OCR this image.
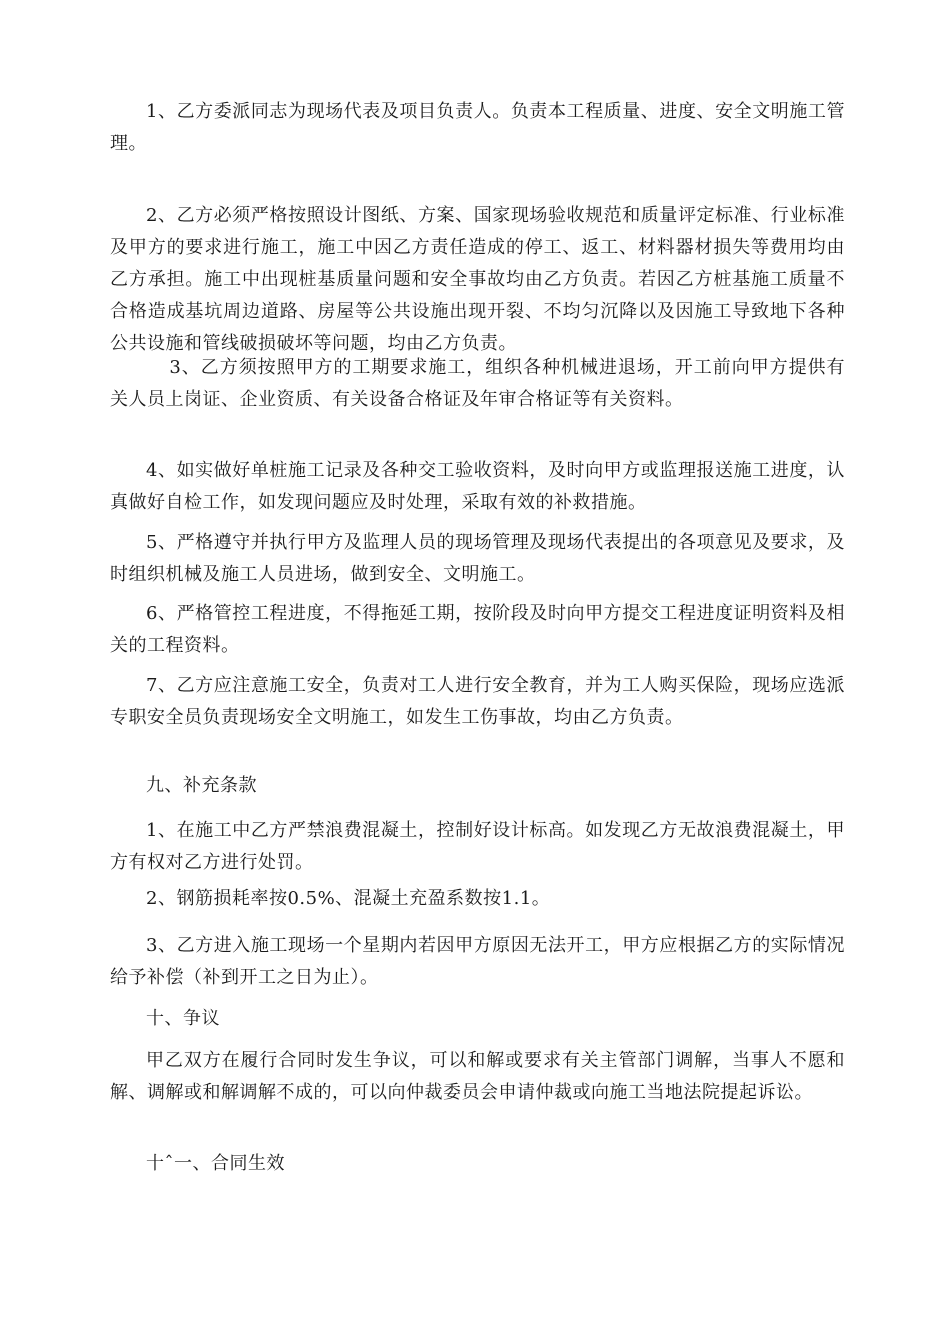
1、乙方委派同志为现场代表及项目负责人。负责本工程质量、进度、安全文明施工管理。

2、乙方必须严格按照设计图纸、方案、国家现场验收规范和质量评定标准、行业标准及甲方的要求进行施工，施工中因乙方责任造成的停工、返工、材料器材损失等费用均由乙方承担。施工中出现桩基质量问题和安全事故均由乙方负责。若因乙方桩基施工质量不合格造成基坑周边道路、房屋等公共设施出现开裂、不均匀沉降以及因施工导致地下各种公共设施和管线破损破坏等问题，均由乙方负责。

3、乙方须按照甲方的工期要求施工，组织各种机械进退场，开工前向甲方提供有关人员上岗证、企业资质、有关设备合格证及年审合格证等有关资料。

4、如实做好单桩施工记录及各种交工验收资料，及时向甲方或监理报送施工进度，认真做好自检工作，如发现问题应及时处理，采取有效的补救措施。

5、严格遵守并执行甲方及监理人员的现场管理及现场代表提出的各项意见及要求，及时组织机械及施工人员进场，做到安全、文明施工。

6、严格管控工程进度，不得拖延工期，按阶段及时向甲方提交工程进度证明资料及相关的工程资料。

7、乙方应注意施工安全，负责对工人进行安全教育，并为工人购买保险，现场应选派专职安全员负责现场安全文明施工，如发生工伤事故，均由乙方负责。

九、补充条款

1、在施工中乙方严禁浪费混凝土，控制好设计标高。如发现乙方无故浪费混凝土，甲方有权对乙方进行处罚。

2、钢筋损耗率按0.5%、混凝土充盈系数按1.1。

3、乙方进入施工现场一个星期内若因甲方原因无法开工，甲方应根据乙方的实际情况给予补偿（补到开工之日为止）。

十、争议

甲乙双方在履行合同时发生争议，可以和解或要求有关主管部门调解，当事人不愿和解、调解或和解调解不成的，可以向仲裁委员会申请仲裁或向施工当地法院提起诉讼。

十ˆ一、合同生效
